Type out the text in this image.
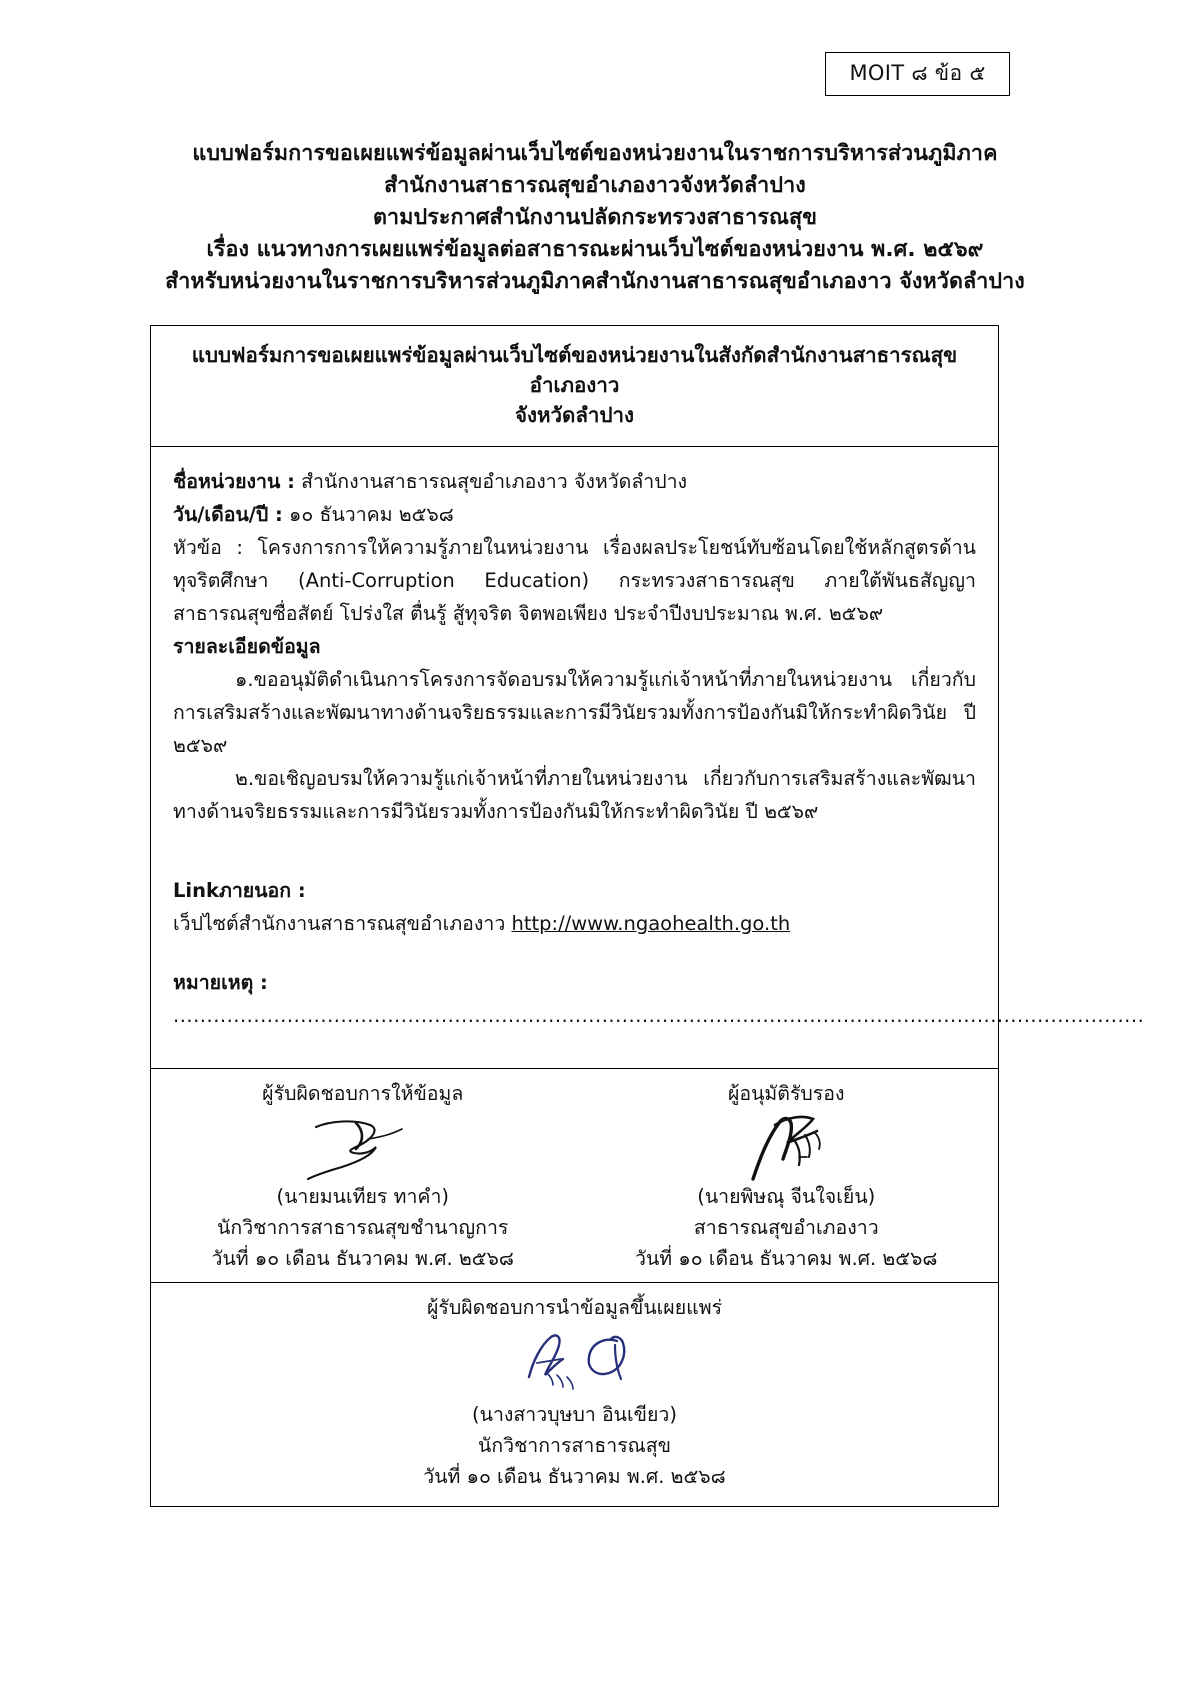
MOIT ๘ ข้อ ๕
แบบฟอร์มการขอเผยแพร่ข้อมูลผ่านเว็บไซต์ของหน่วยงานในราชการบริหารส่วนภูมิภาค
สำนักงานสาธารณสุขอำเภองาวจังหวัดลำปาง
ตามประกาศสำนักงานปลัดกระทรวงสาธารณสุข
เรื่อง แนวทางการเผยแพร่ข้อมูลต่อสาธารณะผ่านเว็บไซต์ของหน่วยงาน พ.ศ. ๒๕๖๙
สำหรับหน่วยงานในราชการบริหารส่วนภูมิภาคสำนักงานสาธารณสุขอำเภองาว จังหวัดลำปาง
แบบฟอร์มการขอเผยแพร่ข้อมูลผ่านเว็บไซต์ของหน่วยงานในสังกัดสำนักงานสาธารณสุขอำเภองาว
จังหวัดลำปาง

ชื่อหน่วยงาน : สำนักงานสาธารณสุขอำเภองาว จังหวัดลำปาง

วัน/เดือน/ปี : ๑๐ ธันวาคม ๒๕๖๘

หัวข้อ : โครงการการให้ความรู้ภายในหน่วยงาน เรื่องผลประโยชน์ทับซ้อนโดยใช้หลักสูตรด้านทุจริตศึกษา (Anti-Corruption Education) กระทรวงสาธารณสุข ภายใต้พันธสัญญาสาธารณสุขซื่อสัตย์ โปร่งใส ตื่นรู้ สู้ทุจริต จิตพอเพียง ประจำปีงบประมาณ พ.ศ. ๒๕๖๙

รายละเอียดข้อมูล

๑.ขออนุมัติดำเนินการโครงการจัดอบรมให้ความรู้แก่เจ้าหน้าที่ภายในหน่วยงาน เกี่ยวกับการเสริมสร้างและพัฒนาทางด้านจริยธรรมและการมีวินัยรวมทั้งการป้องกันมิให้กระทำผิดวินัย ปี ๒๕๖๙

๒.ขอเชิญอบรมให้ความรู้แก่เจ้าหน้าที่ภายในหน่วยงาน เกี่ยวกับการเสริมสร้างและพัฒนาทางด้านจริยธรรมและการมีวินัยรวมทั้งการป้องกันมิให้กระทำผิดวินัย ปี ๒๕๖๙

Linkภายนอก :

เว็ปไซต์สำนักงานสาธารณสุขอำเภองาว http://www.ngaohealth.go.th

หมายเหตุ : .................................................................................................................................................

ผู้รับผิดชอบการให้ข้อมูล
(นายมนเทียร ทาคำ)
นักวิชาการสาธารณสุขชำนาญการ
วันที่ ๑๐ เดือน ธันวาคม พ.ศ. ๒๕๖๘
ผู้อนุมัติรับรอง
(นายพิษณุ จีนใจเย็น)
สาธารณสุขอำเภองาว
วันที่ ๑๐ เดือน ธันวาคม พ.ศ. ๒๕๖๘
ผู้รับผิดชอบการนำข้อมูลขึ้นเผยแพร่
(นางสาวบุษบา อินเขียว)
นักวิชาการสาธารณสุข
วันที่ ๑๐ เดือน ธันวาคม พ.ศ. ๒๕๖๘
